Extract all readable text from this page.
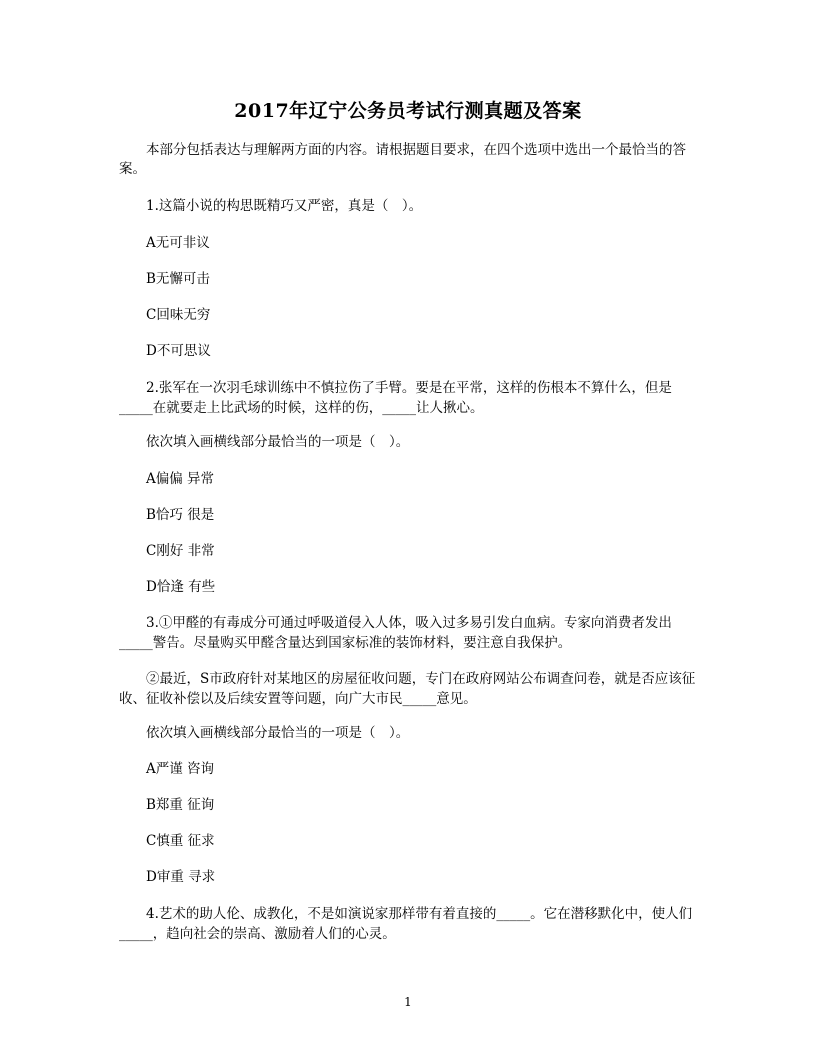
2017年辽宁公务员考试行测真题及答案
本部分包括表达与理解两方面的内容。请根据题目要求，在四个选项中选出一个最恰当的答案。
1.这篇小说的构思既精巧又严密，真是（　）。
A无可非议
B无懈可击
C回味无穷
D不可思议
2.张军在一次羽毛球训练中不慎拉伤了手臂。要是在平常，这样的伤根本不算什么，但是_____在就要走上比武场的时候，这样的伤，_____让人揪心。
依次填入画横线部分最恰当的一项是（　）。
A偏偏 异常
B恰巧 很是
C刚好 非常
D恰逢 有些
3.①甲醛的有毒成分可通过呼吸道侵入人体，吸入过多易引发白血病。专家向消费者发出_____警告。尽量购买甲醛含量达到国家标准的装饰材料，要注意自我保护。
②最近，S市政府针对某地区的房屋征收问题，专门在政府网站公布调查问卷，就是否应该征收、征收补偿以及后续安置等问题，向广大市民_____意见。
依次填入画横线部分最恰当的一项是（　）。
A严谨 咨询
B郑重 征询
C慎重 征求
D审重 寻求
4.艺术的助人伦、成教化，不是如演说家那样带有着直接的_____。它在潜移默化中，使人们_____，趋向社会的崇高、激励着人们的心灵。
1
